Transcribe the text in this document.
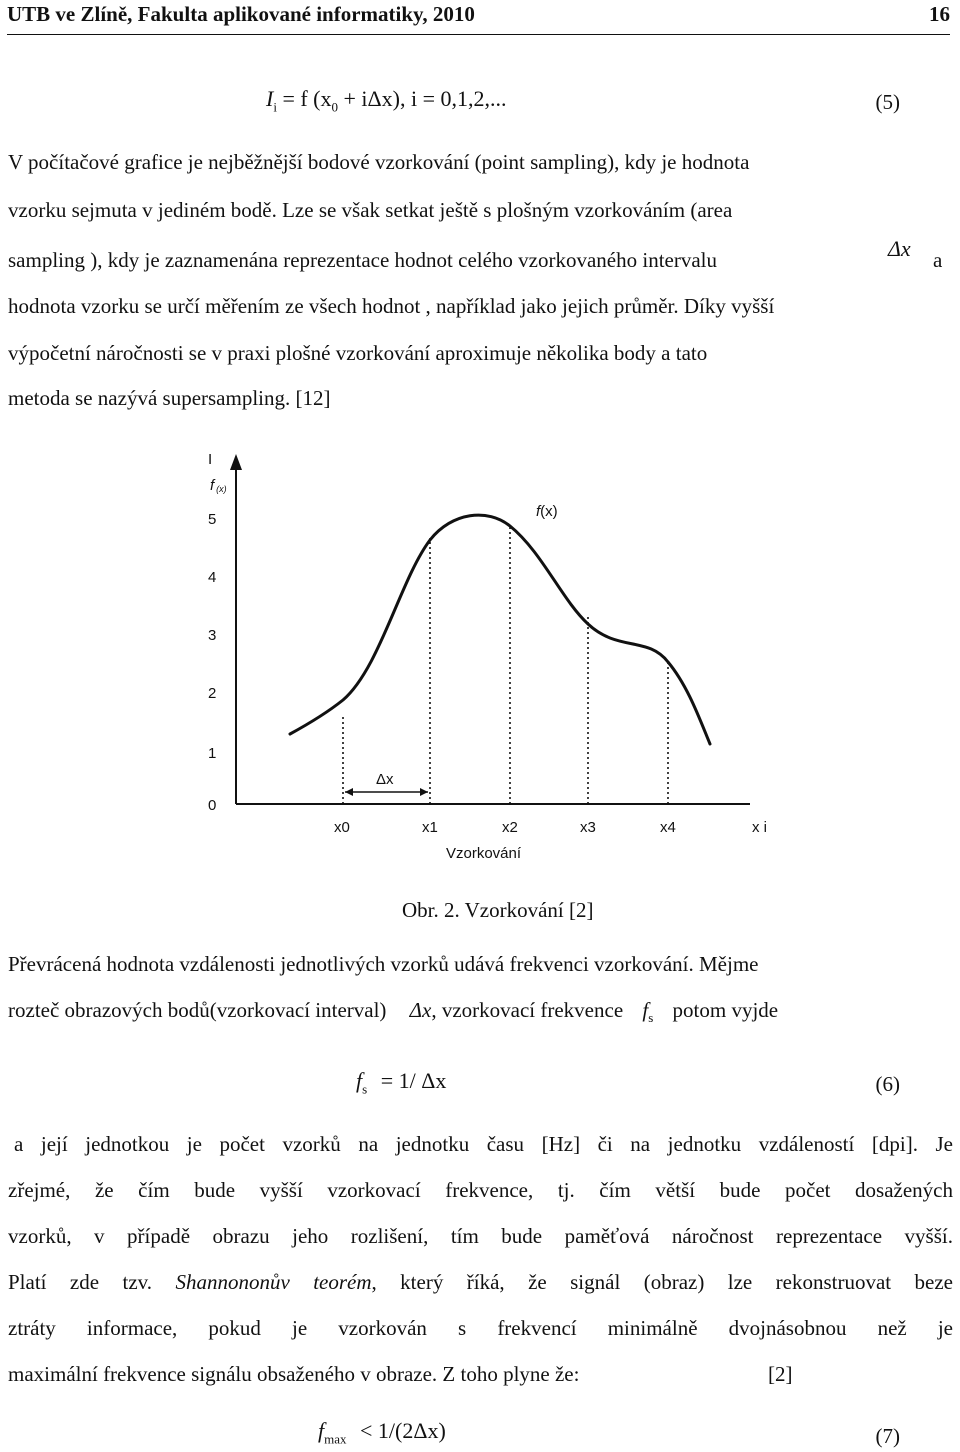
UTB ve Zlíně, Fakulta aplikované informatiky, 2010	16
$I_i = f$ $(x_0 + i\Delta x)$, i = 0,1,2,...	(5)
V počítačové grafice je nejběžnější bodové vzorkování (point sampling), kdy je hodnota
vzorku sejmuta v jediném bodě. Lze se však setkat ještě s plošným vzorkováním (area
sampling ), kdy je zaznamenána reprezentace hodnot celého vzorkovaného intervalu	Δx a
hodnota vzorku se určí měřením ze všech hodnot , například jako jejich průměr. Díky vyšší
výpočetní náročnosti se v praxi plošné vzorkování aproximuje několika body a tato
metoda se nazývá supersampling. [12]
I
f (x)
5
4
3
2
1
0
Δx
f(x)
x0	x1	x2	x3	x4	x i
Vzorkování
Obr. 2. Vzorkování [2]
Převrácená hodnota vzdálenosti jednotlivých vzorků udává frekvenci vzorkování. Mějme
rozteč obrazových bodů(vzorkovací interval) Δx, vzorkovací frekvence $f_s$ potom vyjde
$f_s = 1/$ Δx	(6)
a její jednotkou je počet vzorků na jednotku času [Hz] či na jednotku vzdáleností [dpi]. Je
zřejmé, že čím bude vyšší vzorkovací frekvence, tj. čím větší bude počet dosažených
vzorků, v případě obrazu jeho rozlišení, tím bude paměťová náročnost reprezentace vyšší.
Platí zde tzv. Shannononův teorém, který říká, že signál (obraz) lze rekonstruovat beze
ztráty informace, pokud je vzorkován s frekvencí minimálně dvojnásobnou než je
maximální frekvence signálu obsaženého v obraze. Z toho plyne že:	[2]
$f_{max} < 1/(2\Delta x)$	(7)
